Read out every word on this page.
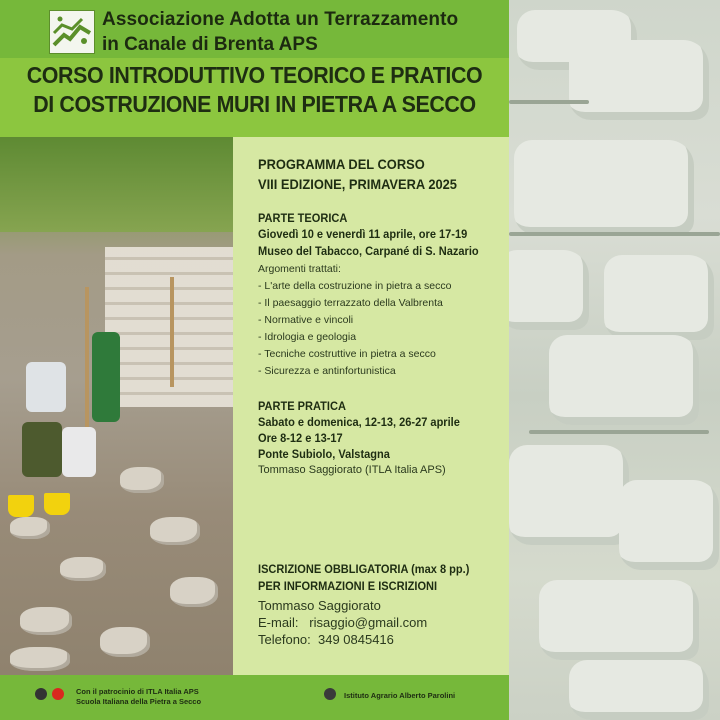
Associazione Adotta un Terrazzamento
in Canale di Brenta APS
CORSO INTRODUTTIVO TEORICO E PRATICO
DI COSTRUZIONE MURI IN PIETRA A SECCO
PROGRAMMA DEL CORSO
VIII EDIZIONE, PRIMAVERA 2025
PARTE TEORICA
Giovedì 10 e venerdì 11 aprile, ore 17-19
Museo del Tabacco, Carpané di S. Nazario
Argomenti trattati:
- L'arte della costruzione in pietra a secco
- Il paesaggio terrazzato della Valbrenta
- Normative e vincoli
- Idrologia e geologia
- Tecniche costruttive in pietra a secco
- Sicurezza e antinfortunistica
PARTE PRATICA
Sabato e domenica, 12-13, 26-27 aprile
Ore 8-12 e 13-17
Ponte Subiolo, Valstagna
Tommaso Saggiorato (ITLA Italia APS)
ISCRIZIONE OBBLIGATORIA (max 8 pp.)
PER INFORMAZIONI E ISCRIZIONI
Tommaso Saggiorato
E-mail:   risaggio@gmail.com
Telefono:  349 0845416
Con il patrocinio di ITLA Italia APS
Scuola Italiana della Pietra a Secco
Istituto Agrario Alberto Parolini
